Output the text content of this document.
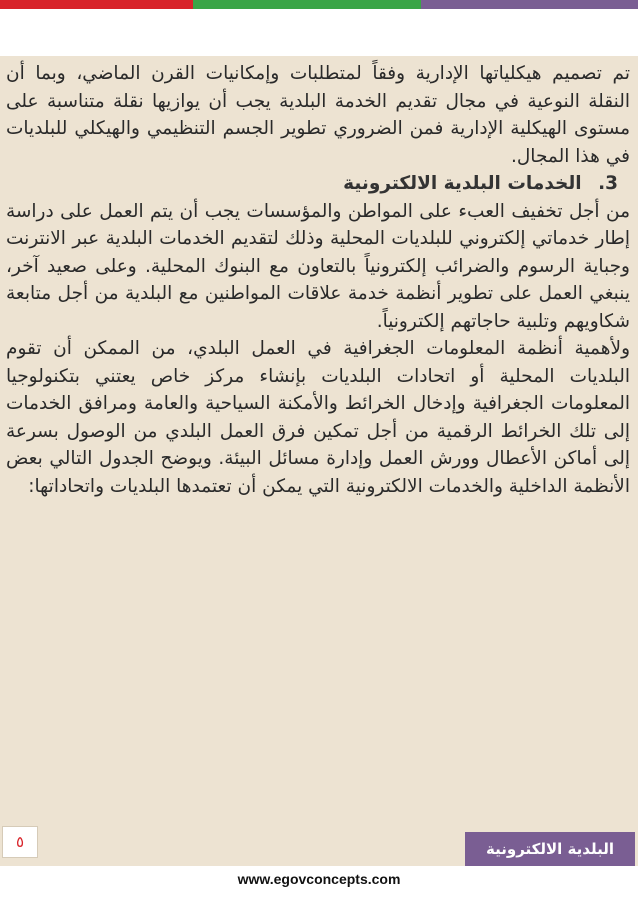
تم تصميم هيكلياتها الإدارية وفقاً لمتطلبات وإمكانيات القرن الماضي، وبما أن النقلة النوعية في مجال تقديم الخدمة البلدية يجب أن يوازيها نقلة متناسبة على مستوى الهيكلية الإدارية فمن الضروري تطوير الجسم التنظيمي والهيكلي للبلديات في هذا المجال.

3. الخدمات البلدية الالكترونية

من أجل تخفيف العبء على المواطن والمؤسسات يجب أن يتم العمل على دراسة إطار خدماتي إلكتروني للبلديات المحلية وذلك لتقديم الخدمات البلدية عبر الانترنت وجباية الرسوم والضرائب إلكترونياً بالتعاون مع البنوك المحلية. وعلى صعيد آخر، ينبغي العمل على تطوير أنظمة خدمة علاقات المواطنين مع البلدية من أجل متابعة شكاويهم وتلبية حاجاتهم إلكترونياً.

ولأهمية أنظمة المعلومات الجغرافية في العمل البلدي، من الممكن أن تقوم البلديات المحلية أو اتحادات البلديات بإنشاء مركز خاص يعتني بتكنولوجيا المعلومات الجغرافية وإدخال الخرائط والأمكنة السياحية والعامة ومرافق الخدمات إلى تلك الخرائط الرقمية من أجل تمكين فرق العمل البلدي من الوصول بسرعة إلى أماكن الأعطال وورش العمل وإدارة مسائل البيئة. ويوضح الجدول التالي بعض الأنظمة الداخلية والخدمات الالكترونية التي يمكن أن تعتمدها البلديات واتحاداتها:

٥	البلدية الالكترونية
www.egovconcepts.com
